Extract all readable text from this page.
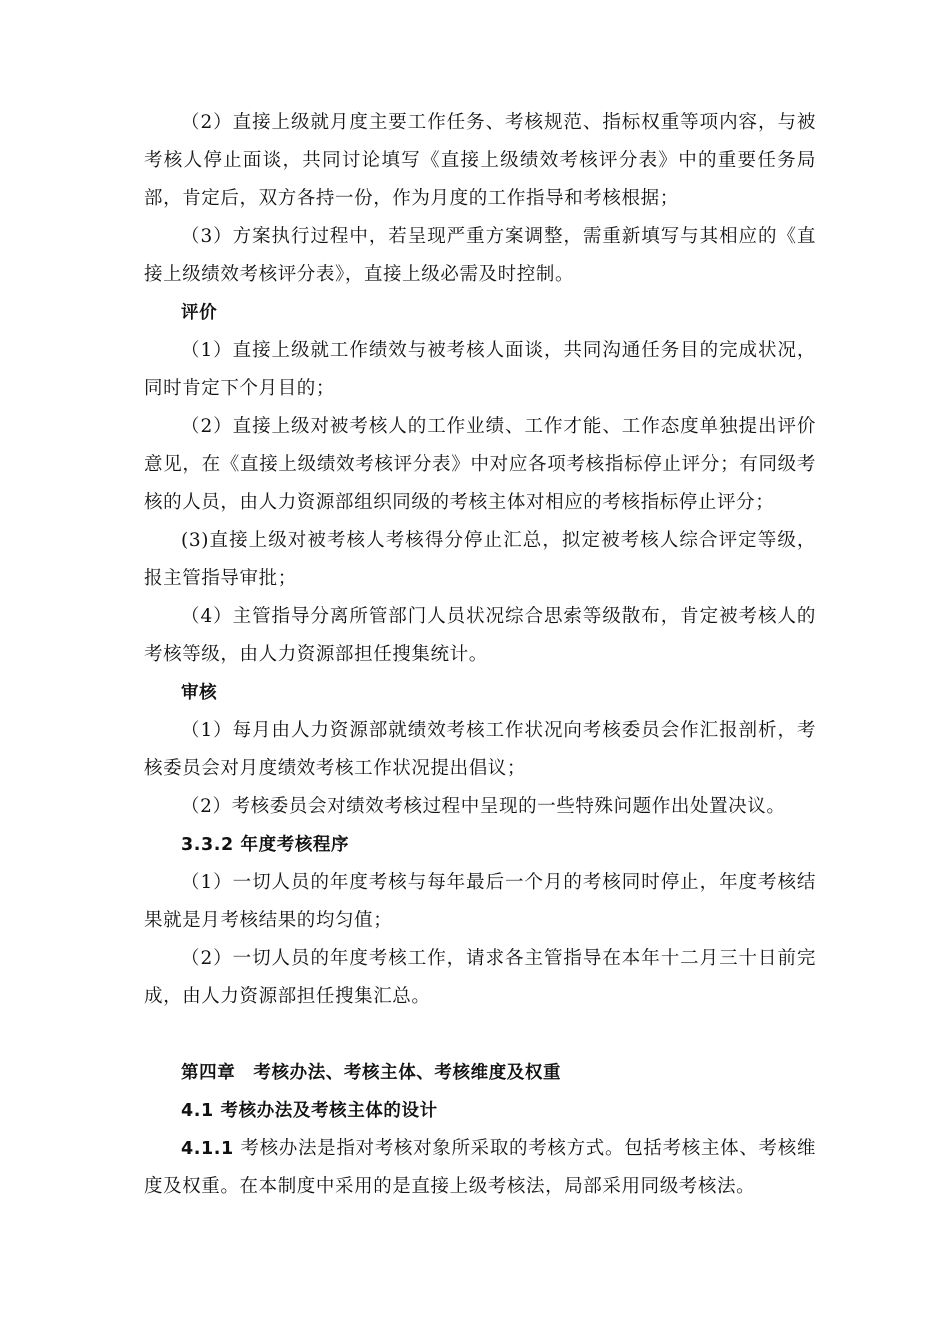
（2）直接上级就月度主要工作任务、考核规范、指标权重等项内容，与被考核人停止面谈，共同讨论填写《直接上级绩效考核评分表》中的重要任务局部，肯定后，双方各持一份，作为月度的工作指导和考核根据；

（3）方案执行过程中，若呈现严重方案调整，需重新填写与其相应的《直接上级绩效考核评分表》，直接上级必需及时控制。

评价

（1）直接上级就工作绩效与被考核人面谈，共同沟通任务目的完成状况，同时肯定下个月目的；

（2）直接上级对被考核人的工作业绩、工作才能、工作态度单独提出评价意见，在《直接上级绩效考核评分表》中对应各项考核指标停止评分；有同级考核的人员，由人力资源部组织同级的考核主体对相应的考核指标停止评分；

(3)直接上级对被考核人考核得分停止汇总，拟定被考核人综合评定等级，报主管指导审批；

（4）主管指导分离所管部门人员状况综合思索等级散布，肯定被考核人的考核等级，由人力资源部担任搜集统计。

审核

（1）每月由人力资源部就绩效考核工作状况向考核委员会作汇报剖析，考核委员会对月度绩效考核工作状况提出倡议；

（2）考核委员会对绩效考核过程中呈现的一些特殊问题作出处置决议。

3.3.2 年度考核程序

（1）一切人员的年度考核与每年最后一个月的考核同时停止，年度考核结果就是月考核结果的均匀值；

（2）一切人员的年度考核工作，请求各主管指导在本年十二月三十日前完成，由人力资源部担任搜集汇总。

第四章　考核办法、考核主体、考核维度及权重

4.1 考核办法及考核主体的设计

4.1.1 考核办法是指对考核对象所采取的考核方式。包括考核主体、考核维度及权重。在本制度中采用的是直接上级考核法，局部采用同级考核法。
